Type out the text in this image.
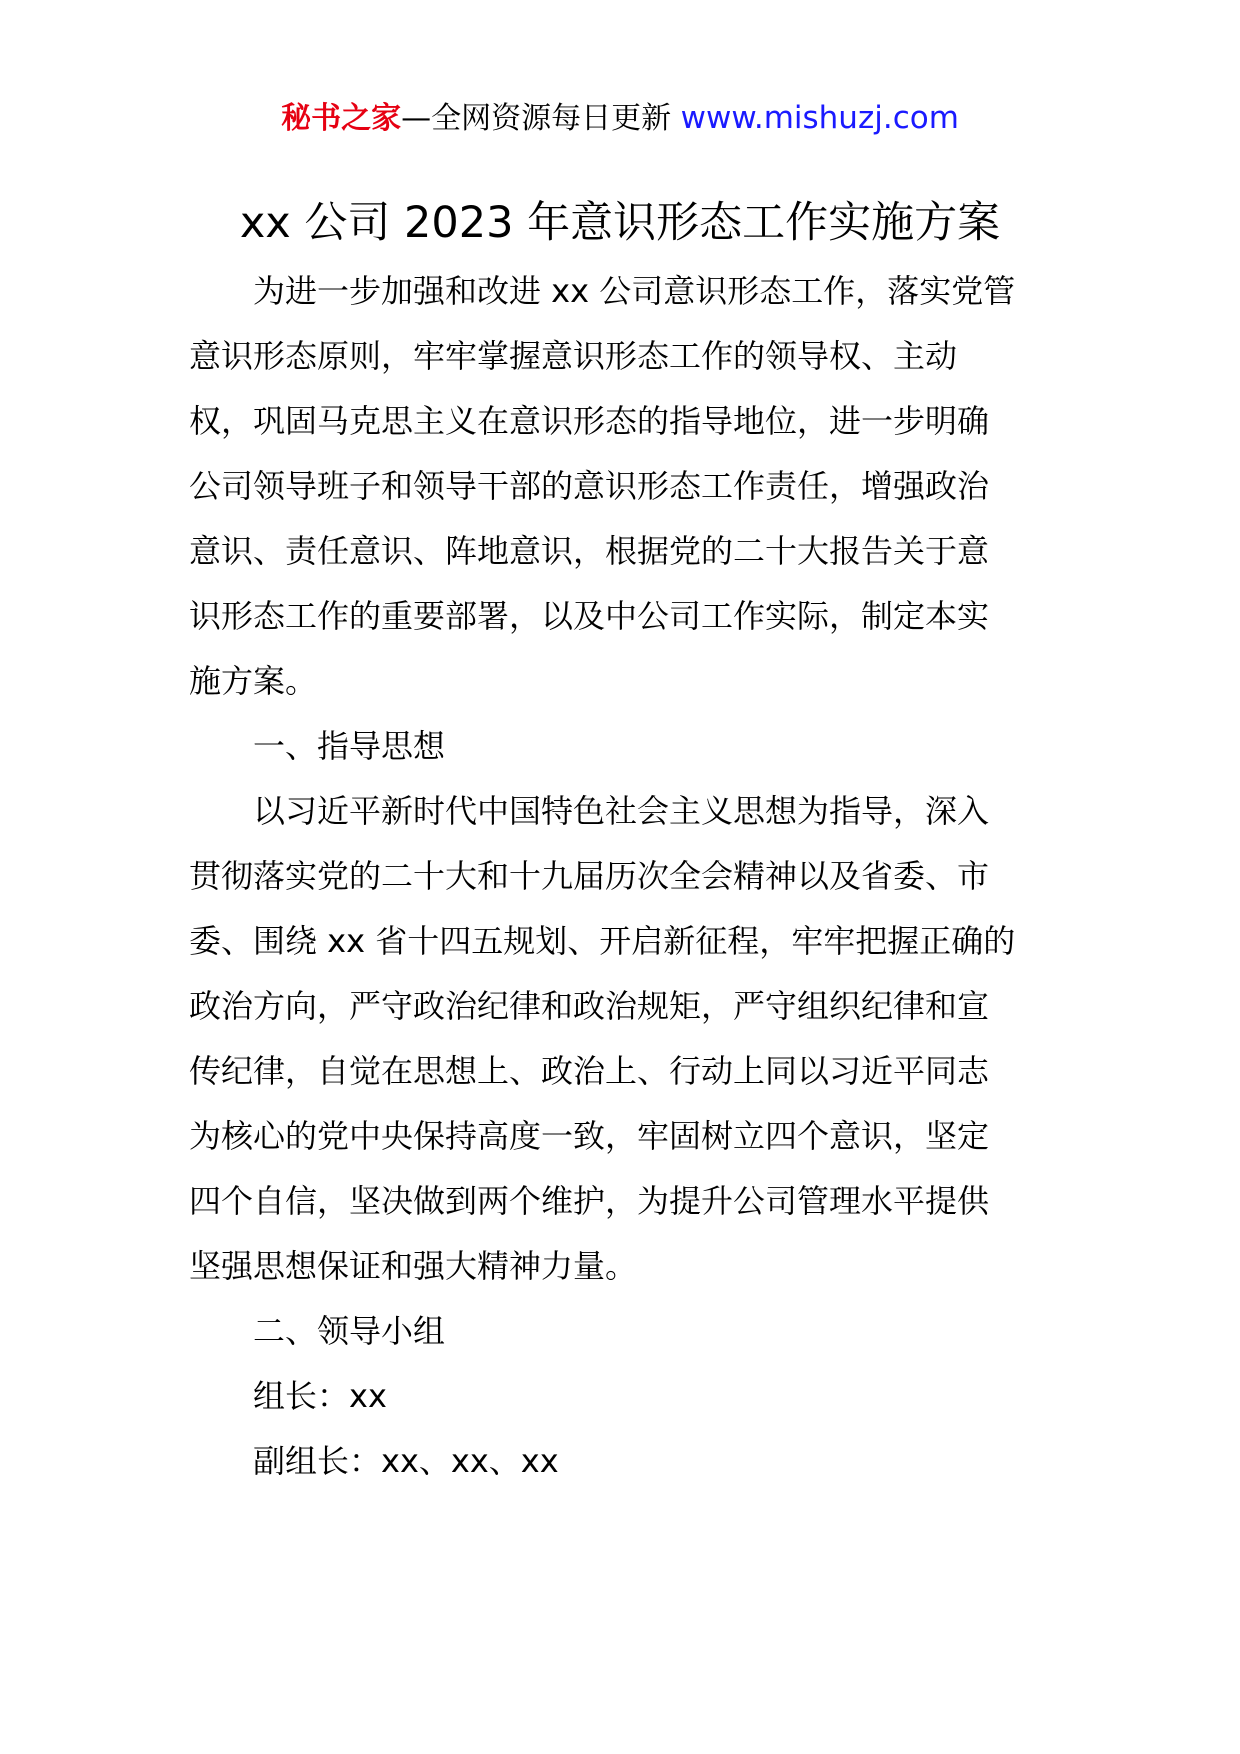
秘书之家—全网资源每日更新 www.mishuzj.com
xx 公司 2023 年意识形态工作实施方案
为进一步加强和改进 xx 公司意识形态工作，落实党管
意识形态原则，牢牢掌握意识形态工作的领导权、主动
权，巩固马克思主义在意识形态的指导地位，进一步明确
公司领导班子和领导干部的意识形态工作责任，增强政治
意识、责任意识、阵地意识，根据党的二十大报告关于意
识形态工作的重要部署，以及中公司工作实际，制定本实
施方案。
一、指导思想
以习近平新时代中国特色社会主义思想为指导，深入
贯彻落实党的二十大和十九届历次全会精神以及省委、市
委、围绕 xx 省十四五规划、开启新征程，牢牢把握正确的
政治方向，严守政治纪律和政治规矩，严守组织纪律和宣
传纪律，自觉在思想上、政治上、行动上同以习近平同志
为核心的党中央保持高度一致，牢固树立四个意识，坚定
四个自信，坚决做到两个维护，为提升公司管理水平提供
坚强思想保证和强大精神力量。
二、领导小组
组长：xx
副组长：xx、xx、xx
